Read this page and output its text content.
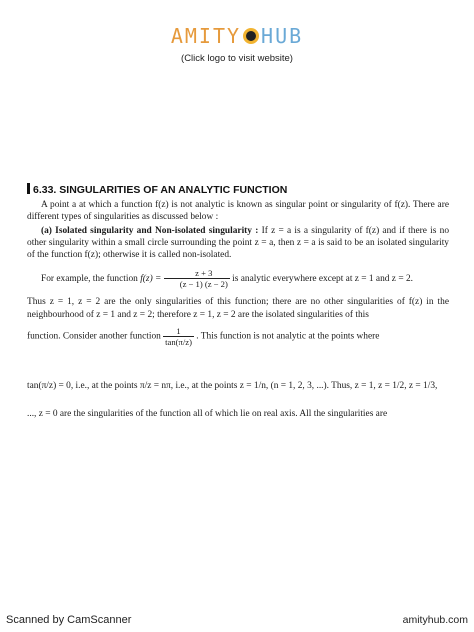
AMITY HUB
(Click logo to visit website)
6.33. SINGULARITIES OF AN ANALYTIC FUNCTION
A point a at which a function f(z) is not analytic is known as singular point or singularity of f(z). There are different types of singularities as discussed below :
(a) Isolated singularity and Non-isolated singularity : If z = a is a singularity of f(z) and if there is no other singularity within a small circle surrounding the point z = a, then z = a is said to be an isolated singularity of the function f(z); otherwise it is called non-isolated.
For example, the function $f(z) = \frac{z + 3}{(z - 1) (z - 2)}$ is analytic everywhere except at z = 1 and z = 2.
Thus z = 1, z = 2 are the only singularities of this function; there are no other singularities of f(z) in the neighbourhood of z = 1 and z = 2; therefore z = 1, z = 2 are the isolated singularities of this
function. Consider another function $\frac{1}{\tan(\pi/z)}$ . This function is not analytic at the points where
tan(π/z) = 0, i.e., at the points π/z = nπ, i.e., at the points z = 1/n, (n = 1, 2, 3, ...). Thus, z = 1, z = 1/2, z = 1/3,
..., z = 0 are the singularities of the function all of which lie on real axis. All the singularities are
Scanned by CamScanner	amityhub.com
